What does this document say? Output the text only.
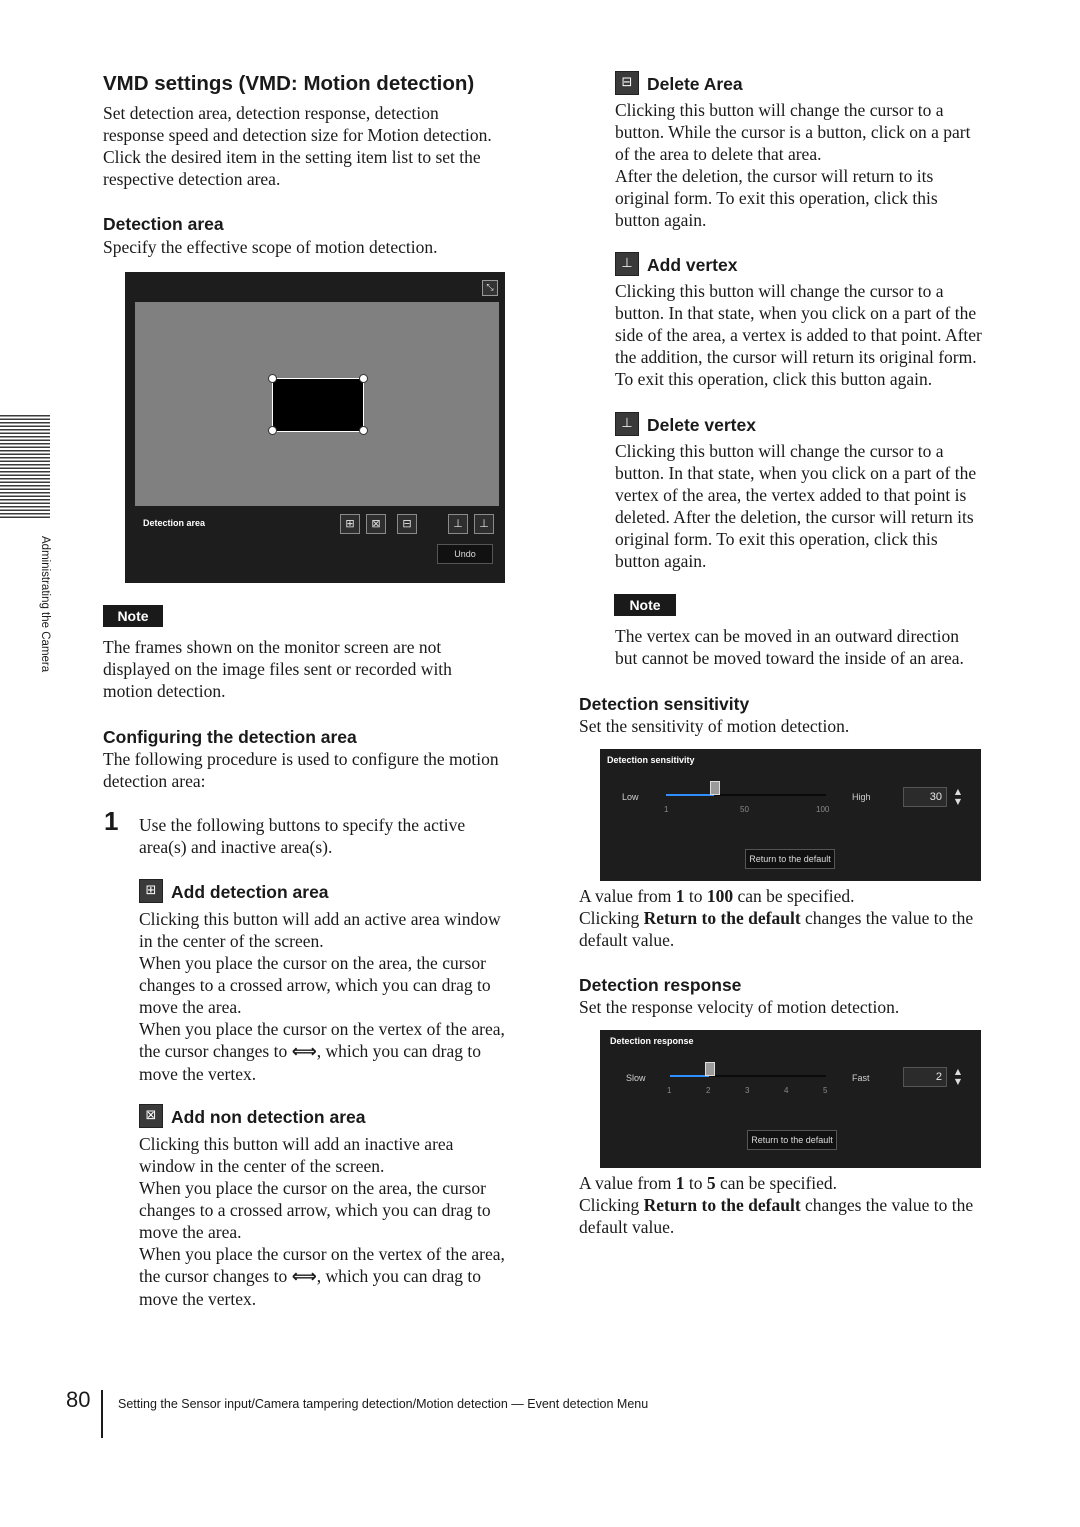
Administrating the Camera
VMD settings (VMD: Motion detection)
Set detection area, detection response, detection
response speed and detection size for Motion detection.
Click the desired item in the setting item list to set the
respective detection area.
Detection area
Specify the effective scope of motion detection.
⤡
Detection area	⊞	⊠	⊟	⊥	⊥
Undo
Note
The frames shown on the monitor screen are not
displayed on the image files sent or recorded with
motion detection.
Configuring the detection area
The following procedure is used to configure the motion
detection area:
1 Use the following buttons to specify the active
area(s) and inactive area(s).
⊞ Add detection area
Clicking this button will add an active area window
in the center of the screen.
When you place the cursor on the area, the cursor
changes to a crossed arrow, which you can drag to
move the area.
When you place the cursor on the vertex of the area,
the cursor changes to ⟺, which you can drag to
move the vertex.
⊠ Add non detection area
Clicking this button will add an inactive area
window in the center of the screen.
When you place the cursor on the area, the cursor
changes to a crossed arrow, which you can drag to
move the area.
When you place the cursor on the vertex of the area,
the cursor changes to ⟺, which you can drag to
move the vertex.
⊟ Delete Area
Clicking this button will change the cursor to a
button. While the cursor is a button, click on a part
of the area to delete that area.
After the deletion, the cursor will return to its
original form. To exit this operation, click this
button again.
⊥ Add vertex
Clicking this button will change the cursor to a
button. In that state, when you click on a part of the
side of the area, a vertex is added to that point. After
the addition, the cursor will return its original form.
To exit this operation, click this button again.
⊥ Delete vertex
Clicking this button will change the cursor to a
button. In that state, when you click on a part of the
vertex of the area, the vertex added to that point is
deleted. After the deletion, the cursor will return its
original form. To exit this operation, click this
button again.
Note
The vertex can be moved in an outward direction
but cannot be moved toward the inside of an area.
Detection sensitivity
Set the sensitivity of motion detection.
Detection sensitivity
Low
1	50	100
High	30	▲
▼
Return to the default
A value from 1 to 100 can be specified.
Clicking Return to the default changes the value to the
default value.
Detection response
Set the response velocity of motion detection.
Detection response
Slow
1	2	3	4	5
Fast	2	▲
▼
Return to the default
A value from 1 to 5 can be specified.
Clicking Return to the default changes the value to the
default value.
80 Setting the Sensor input/Camera tampering detection/Motion detection — Event detection Menu
